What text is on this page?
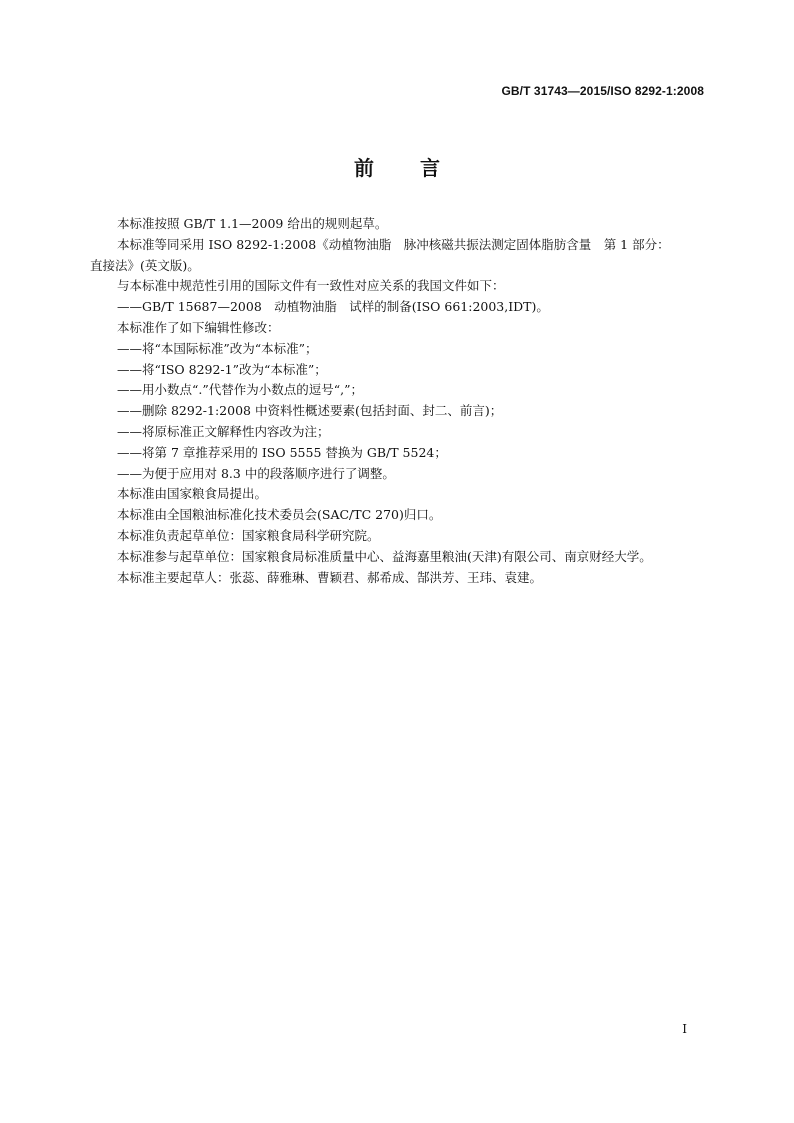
GB/T 31743—2015/ISO 8292-1:2008
前 言

本标准按照 GB/T 1.1—2009 给出的规则起草。

本标准等同采用 ISO 8292-1:2008《动植物油脂　脉冲核磁共振法测定固体脂肪含量　第 1 部分：

直接法》(英文版)。

与本标准中规范性引用的国际文件有一致性对应关系的我国文件如下：

——GB/T 15687—2008　动植物油脂　试样的制备(ISO 661:2003,IDT)。

本标准作了如下编辑性修改：

——将“本国际标准”改为“本标准”；

——将“ISO 8292-1”改为“本标准”；

——用小数点“.”代替作为小数点的逗号“,”；

——删除 8292-1:2008 中资料性概述要素(包括封面、封二、前言)；

——将原标准正文解释性内容改为注；

——将第 7 章推荐采用的 ISO 5555 替换为 GB/T 5524；

——为便于应用对 8.3 中的段落顺序进行了调整。

本标准由国家粮食局提出。

本标准由全国粮油标准化技术委员会(SAC/TC 270)归口。

本标准负责起草单位：国家粮食局科学研究院。

本标准参与起草单位：国家粮食局标准质量中心、益海嘉里粮油(天津)有限公司、南京财经大学。

本标准主要起草人：张蕊、薛雅琳、曹颖君、郝希成、郜洪芳、王玮、袁建。

I
